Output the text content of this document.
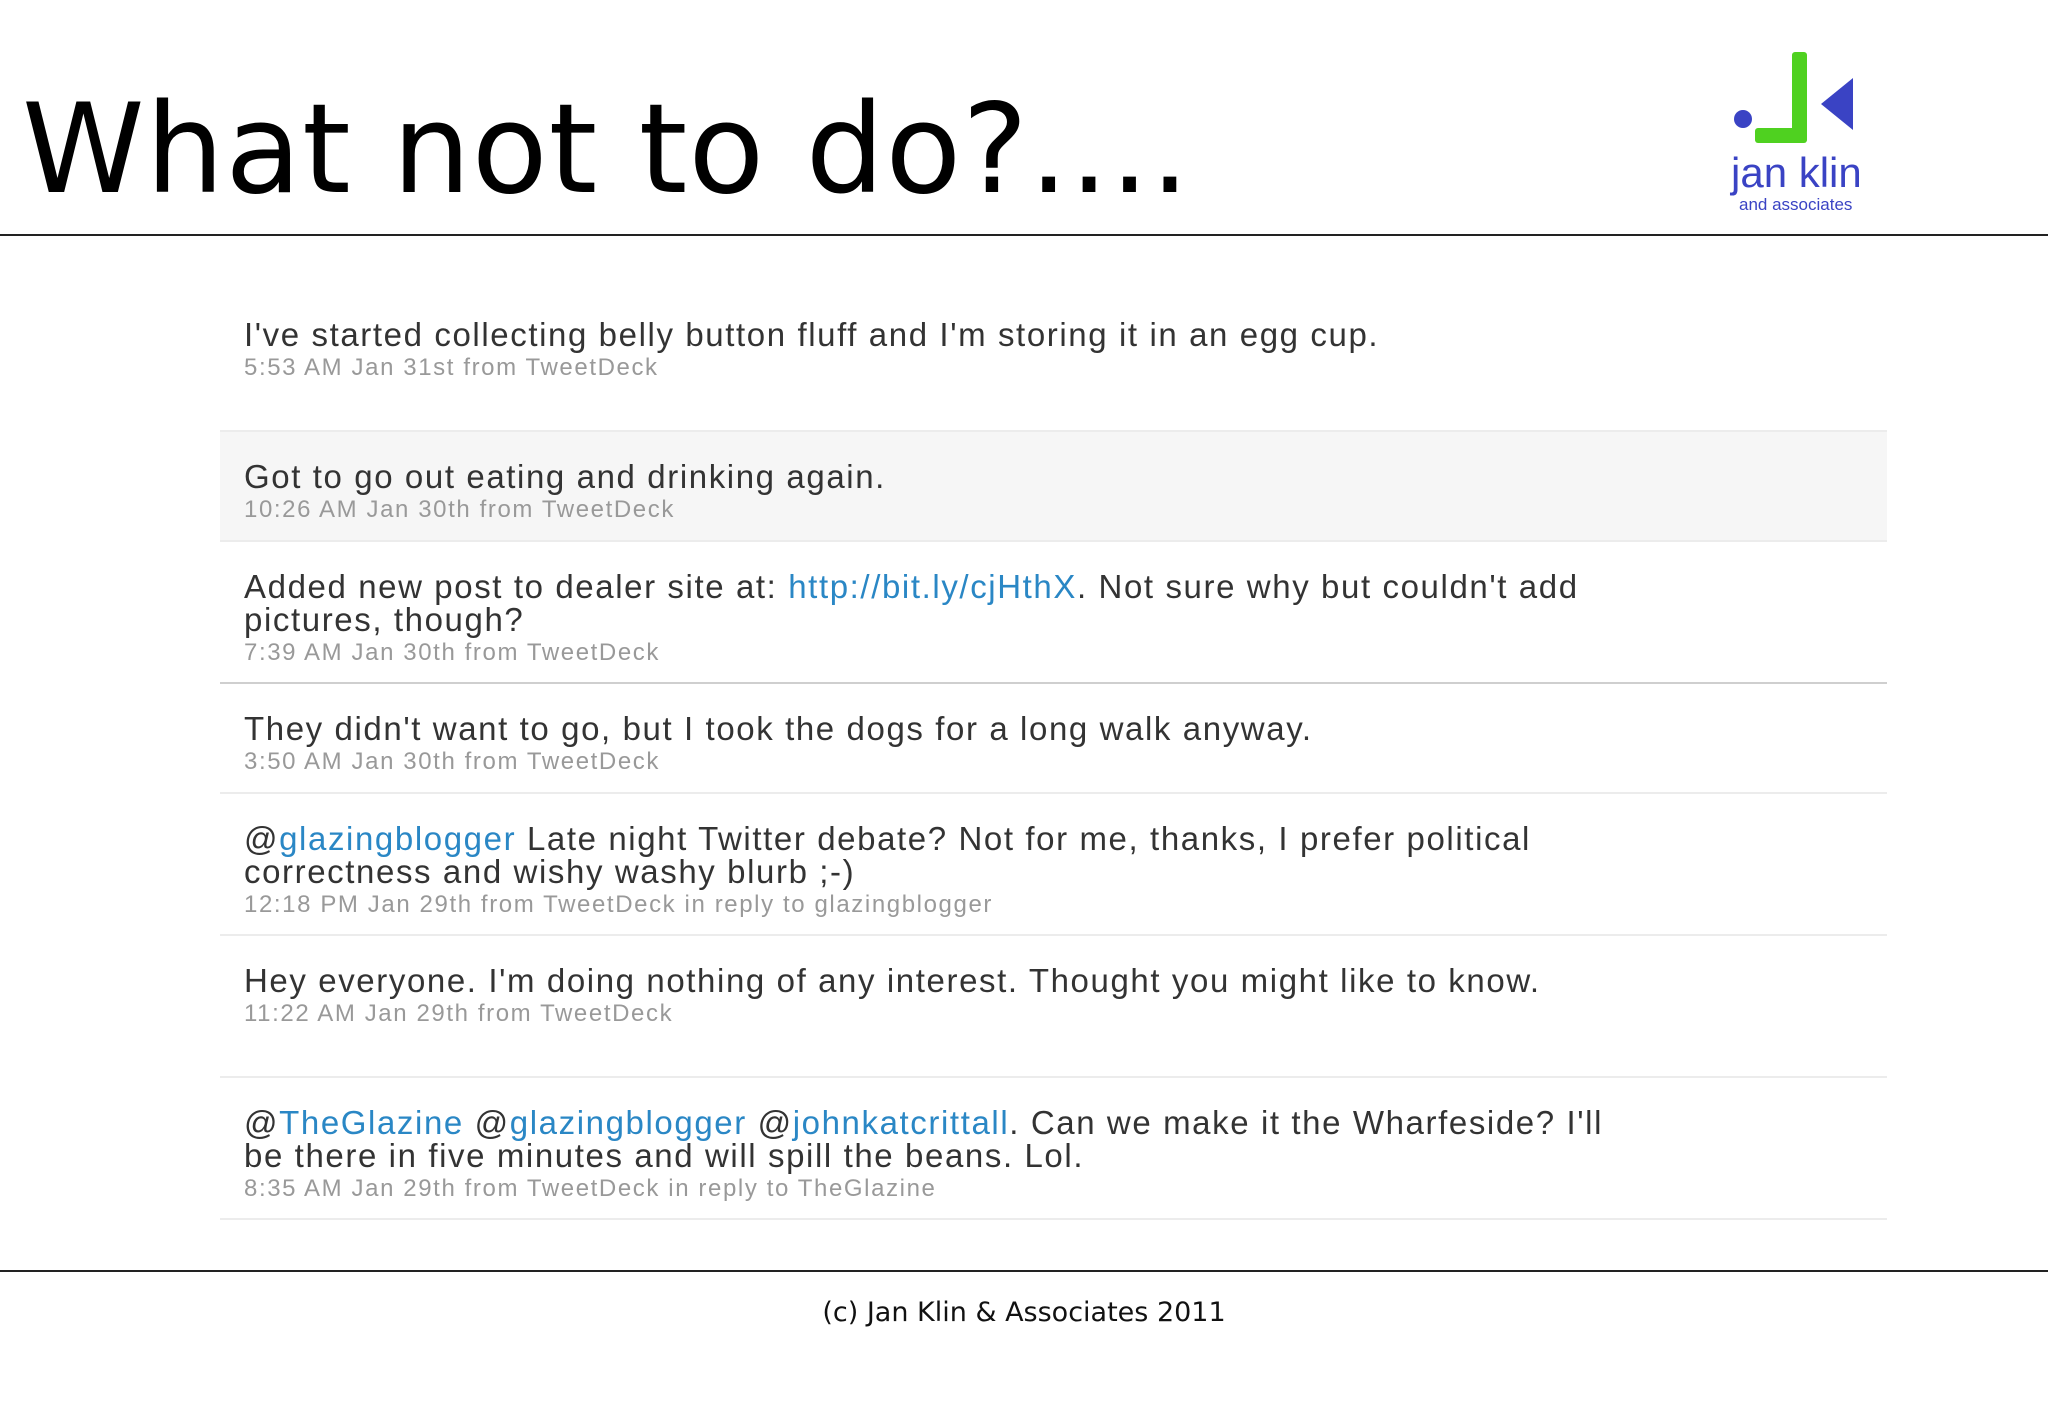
What not to do?....	jan klin
and associates
I've started collecting belly button fluff and I'm storing it in an egg cup.
5:53 AM Jan 31st from TweetDeck
Got to go out eating and drinking again.
10:26 AM Jan 30th from TweetDeck
Added new post to dealer site at: http://bit.ly/cjHthX. Not sure why but couldn't add pictures, though?
7:39 AM Jan 30th from TweetDeck
They didn't want to go, but I took the dogs for a long walk anyway.
3:50 AM Jan 30th from TweetDeck
@glazingblogger Late night Twitter debate? Not for me, thanks, I prefer political correctness and wishy washy blurb ;-)
12:18 PM Jan 29th from TweetDeck in reply to glazingblogger
Hey everyone. I'm doing nothing of any interest. Thought you might like to know.
11:22 AM Jan 29th from TweetDeck
@TheGlazine @glazingblogger @johnkatcrittall. Can we make it the Wharfeside? I'll be there in five minutes and will spill the beans. Lol.
8:35 AM Jan 29th from TweetDeck in reply to TheGlazine
(c) Jan Klin & Associates 2011
